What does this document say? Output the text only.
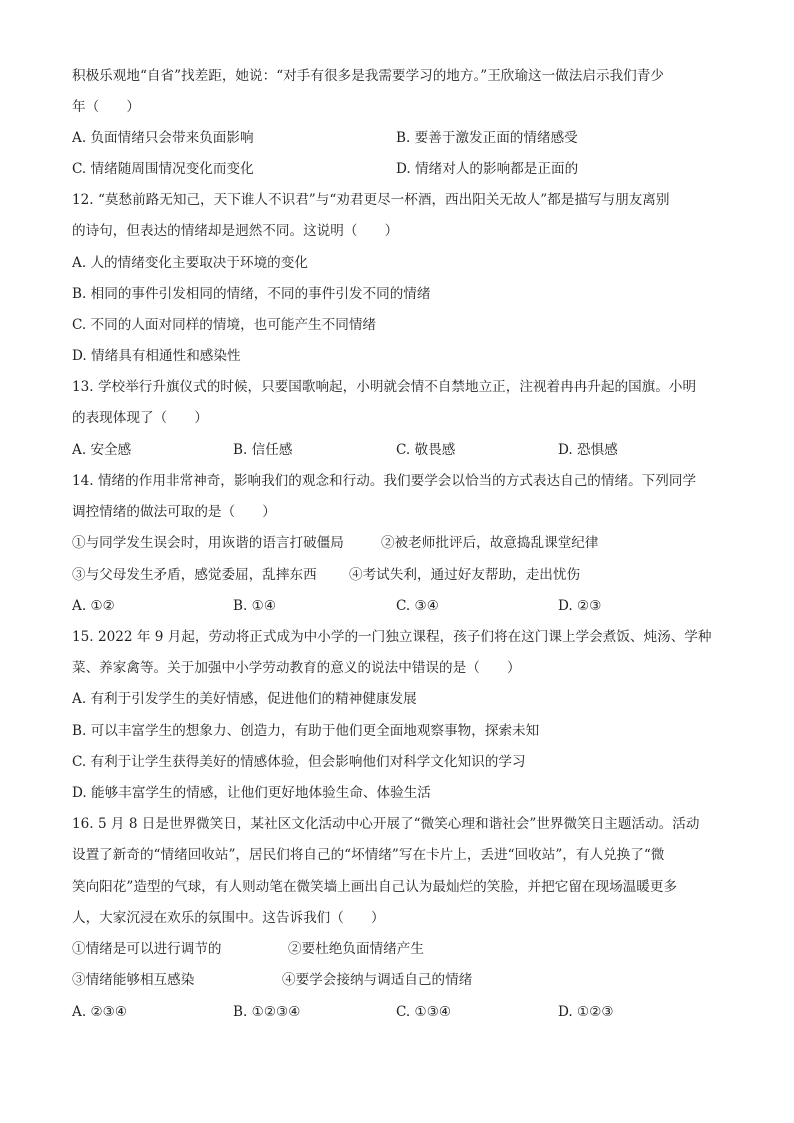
积极乐观地“自省”找差距，她说：“对手有很多是我需要学习的地方。”王欣瑜这一做法启示我们青少
年（　　）
A. 负面情绪只会带来负面影响	B. 要善于激发正面的情绪感受
C. 情绪随周围情况变化而变化	D. 情绪对人的影响都是正面的
12. “莫愁前路无知己，天下谁人不识君”与“劝君更尽一杯酒，西出阳关无故人”都是描写与朋友离别
的诗句，但表达的情绪却是迥然不同。这说明（　　）
A. 人的情绪变化主要取决于环境的变化
B. 相同的事件引发相同的情绪，不同的事件引发不同的情绪
C. 不同的人面对同样的情境，也可能产生不同情绪
D. 情绪具有相通性和感染性
13. 学校举行升旗仪式的时候，只要国歌响起，小明就会情不自禁地立正，注视着冉冉升起的国旗。小明
的表现体现了（　　）
A. 安全感	B. 信任感	C. 敬畏感	D. 恐惧感
14. 情绪的作用非常神奇，影响我们的观念和行动。我们要学会以恰当的方式表达自己的情绪。下列同学
调控情绪的做法可取的是（　　）
①与同学发生误会时，用诙谐的语言打破僵局	②被老师批评后，故意捣乱课堂纪律
③与父母发生矛盾，感觉委屈，乱摔东西 ④考试失利，通过好友帮助，走出忧伤
A. ①②	B. ①④	C. ③④	D. ②③
15. 2022 年 9 月起，劳动将正式成为中小学的一门独立课程，孩子们将在这门课上学会煮饭、炖汤、学种
菜、养家禽等。关于加强中小学劳动教育的意义的说法中错误的是（　　）
A. 有利于引发学生的美好情感，促进他们的精神健康发展
B. 可以丰富学生的想象力、创造力，有助于他们更全面地观察事物，探索未知
C. 有利于让学生获得美好的情感体验，但会影响他们对科学文化知识的学习
D. 能够丰富学生的情感，让他们更好地体验生命、体验生活
16. 5 月 8 日是世界微笑日，某社区文化活动中心开展了“微笑心理和谐社会”世界微笑日主题活动。活动
设置了新奇的“情绪回收站”，居民们将自己的“坏情绪”写在卡片上，丢进“回收站”，有人兑换了“微
笑向阳花”造型的气球，有人则动笔在微笑墙上画出自己认为最灿烂的笑脸，并把它留在现场温暖更多
人，大家沉浸在欢乐的氛围中。这告诉我们（　　）
①情绪是可以进行调节的	②要杜绝负面情绪产生
③情绪能够相互感染	④要学会接纳与调适自己的情绪
A. ②③④	B. ①②③④	C. ①③④	D. ①②③
